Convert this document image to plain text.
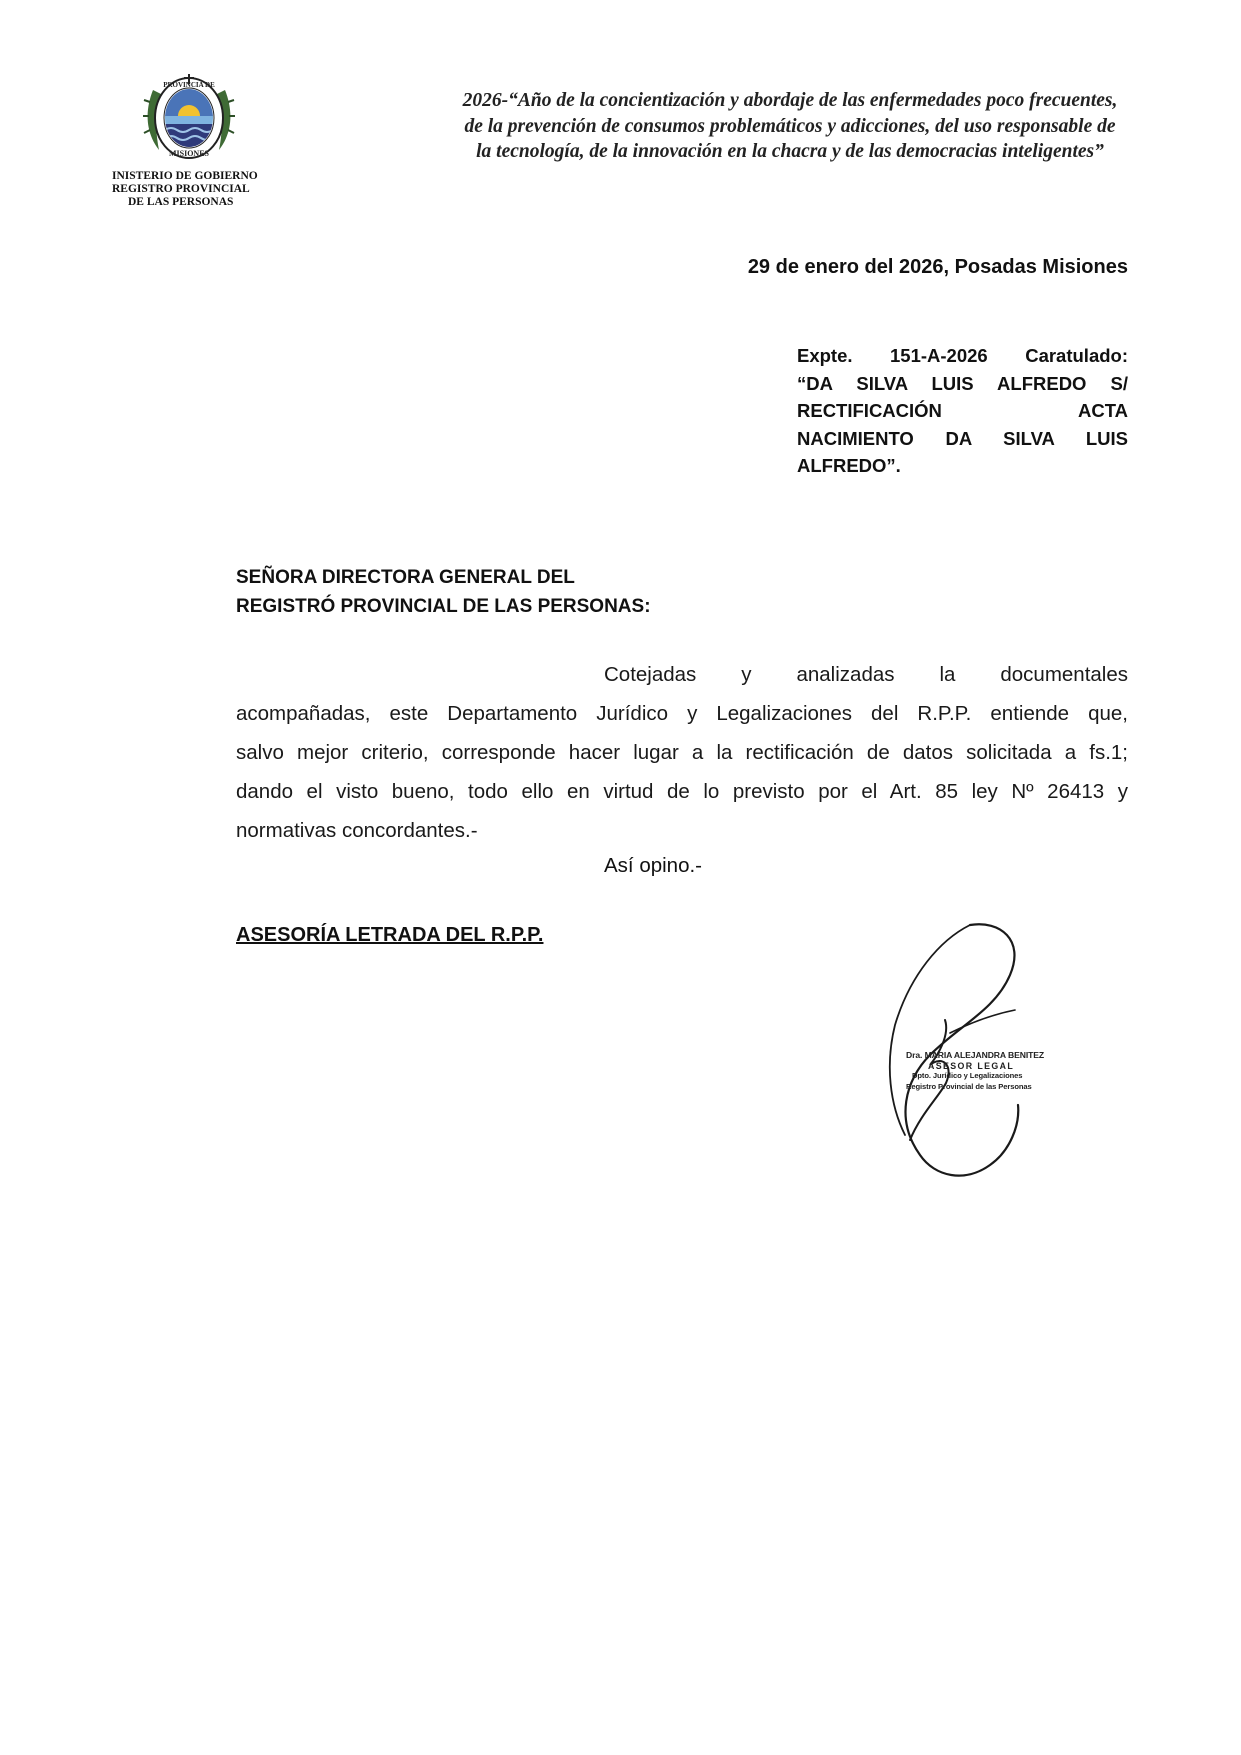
PROVINCIA DE
MISIONES
INISTERIO DE GOBIERNO
REGISTRO PROVINCIAL
DE LAS PERSONAS
2026-“Año de la concientización y abordaje de las enfermedades poco frecuentes,
de la prevención de consumos problemáticos y adicciones, del uso responsable de
la tecnología, de la innovación en la chacra y de las democracias inteligentes”
29 de enero del 2026, Posadas Misiones
Expte. 151-A-2026 Caratulado:
“DA SILVA LUIS ALFREDO S/
RECTIFICACIÓN ACTA
NACIMIENTO DA SILVA LUIS
ALFREDO”.
SEÑORA DIRECTORA GENERAL DEL
REGISTRÓ PROVINCIAL DE LAS PERSONAS:
Cotejadas y analizadas la documentales
acompañadas, este Departamento Jurídico y Legalizaciones del R.P.P. entiende que,
salvo mejor criterio, corresponde hacer lugar a la rectificación de datos solicitada a fs.1;
dando el visto bueno, todo ello en virtud de lo previsto por el Art. 85 ley Nº 26413 y
normativas concordantes.-
Así opino.-
ASESORÍA LETRADA DEL R.P.P.
Dra. MARIA ALEJANDRA BENITEZ
ASESOR LEGAL
Dpto. Jurídico y Legalizaciones
Registro Provincial de las Personas
